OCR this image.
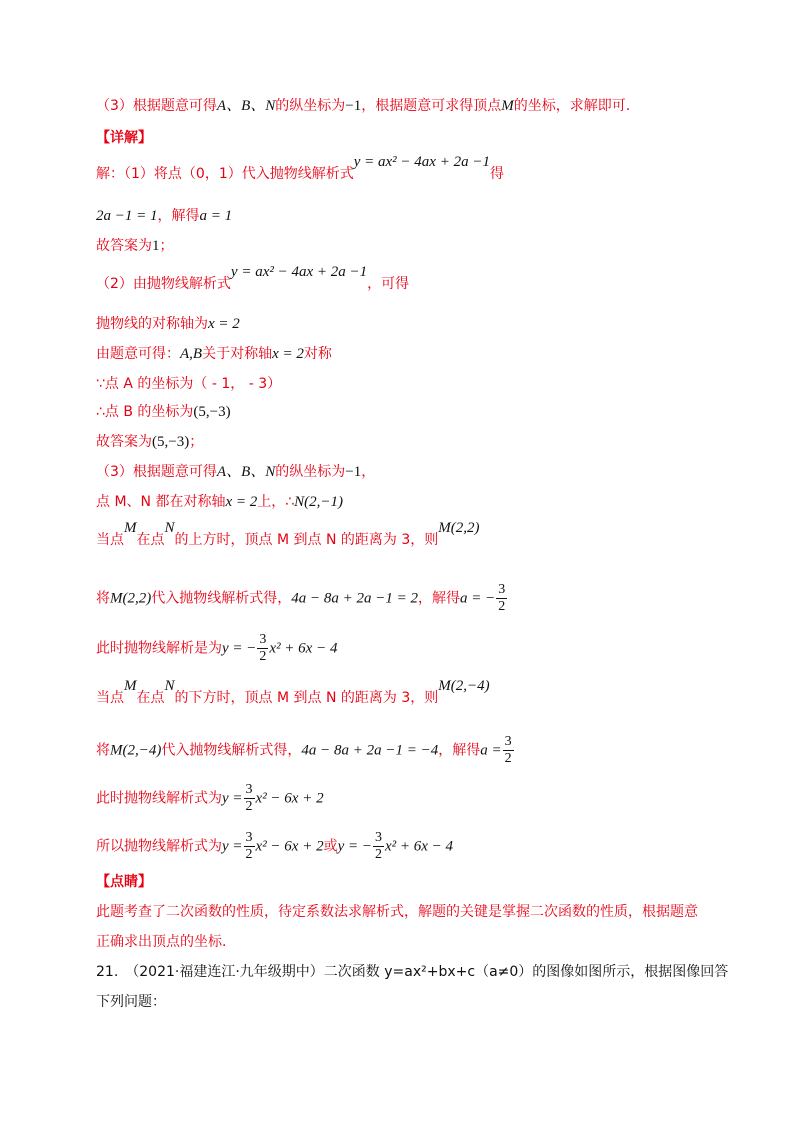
（3）根据题意可得A、B、N的纵坐标为−1，根据题意可求得顶点M的坐标，求解即可.
【详解】
解：（1）将点（0，1）代入抛物线解析式y = ax² − 4ax + 2a −1得
2a −1 = 1，解得a = 1
故答案为1；
（2）由抛物线解析式y = ax² − 4ax + 2a −1，可得
抛物线的对称轴为x = 2
由题意可得：A,B关于对称轴x = 2对称
∵点 A 的坐标为（ - 1， - 3）
∴点 B 的坐标为(5,−3)
故答案为(5,−3)；
（3）根据题意可得A、B、N的纵坐标为−1，
点 M、N 都在对称轴x = 2上，∴N(2,−1)
当点M在点N的上方时，顶点 M 到点 N 的距离为 3，则M(2,2)
将M(2,2)代入抛物线解析式得，4a − 8a + 2a −1 = 2，解得a = − $\frac{3}{2}$
此时抛物线解析是为y = − $\frac{3}{2} x^2 + 6x - 4$
当点M在点N的下方时，顶点 M 到点 N 的距离为 3，则M(2,−4)
将M(2,−4)代入抛物线解析式得，4a − 8a + 2a −1 = −4，解得$a = \frac{3}{2}$
此时抛物线解析式为$y = \frac{3}{2} x^2 - 6x + 2$
所以抛物线解析式为$y = \frac{3}{2} x^2 - 6x + 2$或y = − $\frac{3}{2} x^2 + 6x - 4$
【点睛】
此题考查了二次函数的性质，待定系数法求解析式，解题的关键是掌握二次函数的性质，根据题意
正确求出顶点的坐标.
21.　（2021·福建连江·九年级期中）二次函数 y=ax²+bx+c（a≠0）的图像如图所示，根据图像回答
下列问题：
